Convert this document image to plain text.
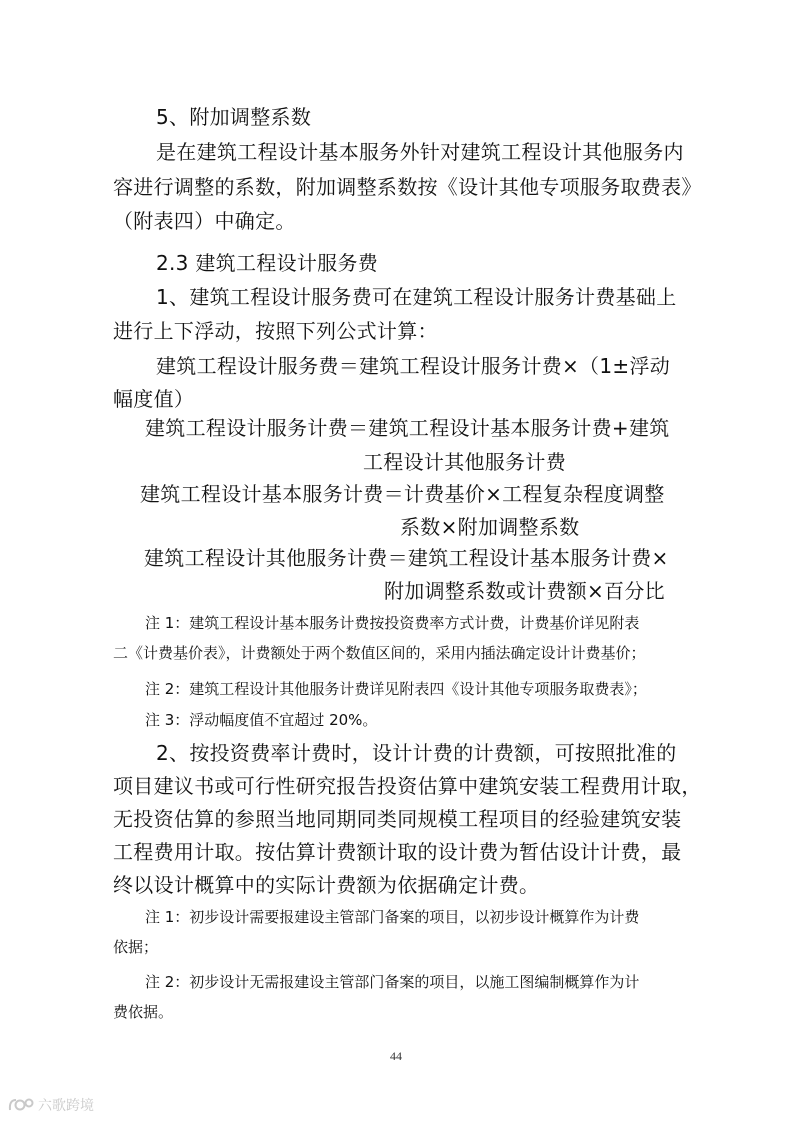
5、附加调整系数
是在建筑工程设计基本服务外针对建筑工程设计其他服务内
容进行调整的系数，附加调整系数按《设计其他专项服务取费表》
（附表四）中确定。
2.3 建筑工程设计服务费
1、建筑工程设计服务费可在建筑工程设计服务计费基础上
进行上下浮动，按照下列公式计算：
建筑工程设计服务费＝建筑工程设计服务计费×（1±浮动
幅度值）
建筑工程设计服务计费＝建筑工程设计基本服务计费+建筑
工程设计其他服务计费
建筑工程设计基本服务计费＝计费基价×工程复杂程度调整
系数×附加调整系数
建筑工程设计其他服务计费＝建筑工程设计基本服务计费×
附加调整系数或计费额×百分比
注 1：建筑工程设计基本服务计费按投资费率方式计费，计费基价详见附表
二《计费基价表》，计费额处于两个数值区间的，采用内插法确定设计计费基价；
注 2：建筑工程设计其他服务计费详见附表四《设计其他专项服务取费表》；
注 3：浮动幅度值不宜超过 20%。
2、按投资费率计费时，设计计费的计费额，可按照批准的
项目建议书或可行性研究报告投资估算中建筑安装工程费用计取，
无投资估算的参照当地同期同类同规模工程项目的经验建筑安装
工程费用计取。按估算计费额计取的设计费为暂估设计计费，最
终以设计概算中的实际计费额为依据确定计费。
注 1：初步设计需要报建设主管部门备案的项目，以初步设计概算作为计费
依据；
注 2：初步设计无需报建设主管部门备案的项目，以施工图编制概算作为计
费依据。
44
六歌跨境
